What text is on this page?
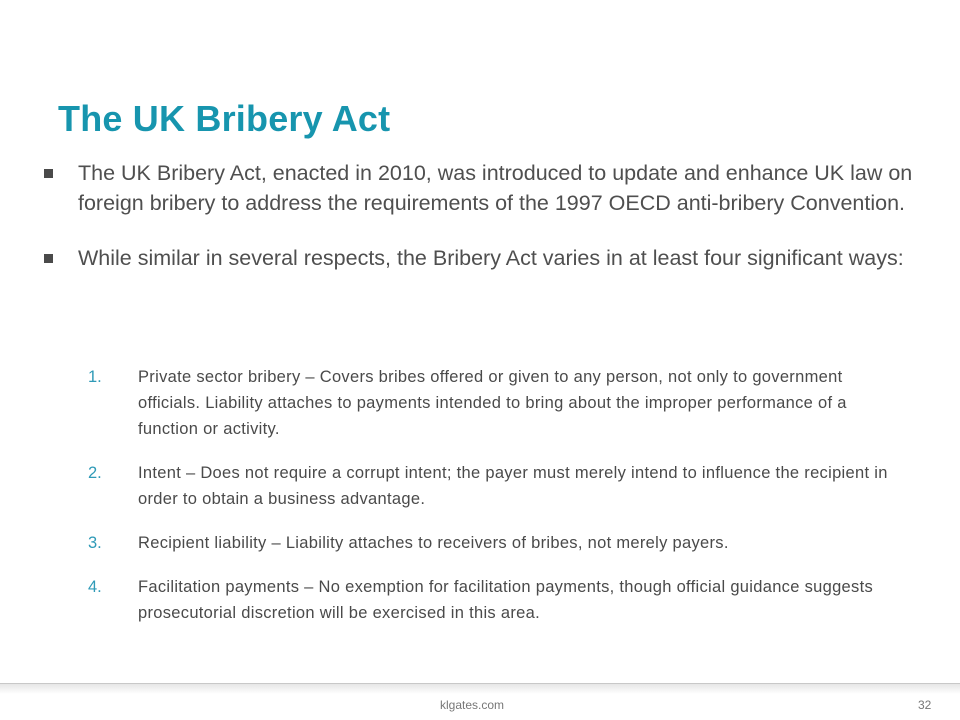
The UK Bribery Act
The UK Bribery Act, enacted in 2010, was introduced to update and enhance UK law on foreign bribery to address the requirements of the 1997 OECD anti-bribery Convention.
While similar in several respects, the Bribery Act varies in at least four significant ways:
1.	Private sector bribery – Covers bribes offered or given to any person, not only to government officials. Liability attaches to payments intended to bring about the improper performance of a function or activity.
2.	Intent – Does not require a corrupt intent; the payer must merely intend to influence the recipient in order to obtain a business advantage.
3.	Recipient liability – Liability attaches to receivers of bribes, not merely payers.
4.	Facilitation payments – No exemption for facilitation payments, though official guidance suggests prosecutorial discretion will be exercised in this area.
klgates.com	32
